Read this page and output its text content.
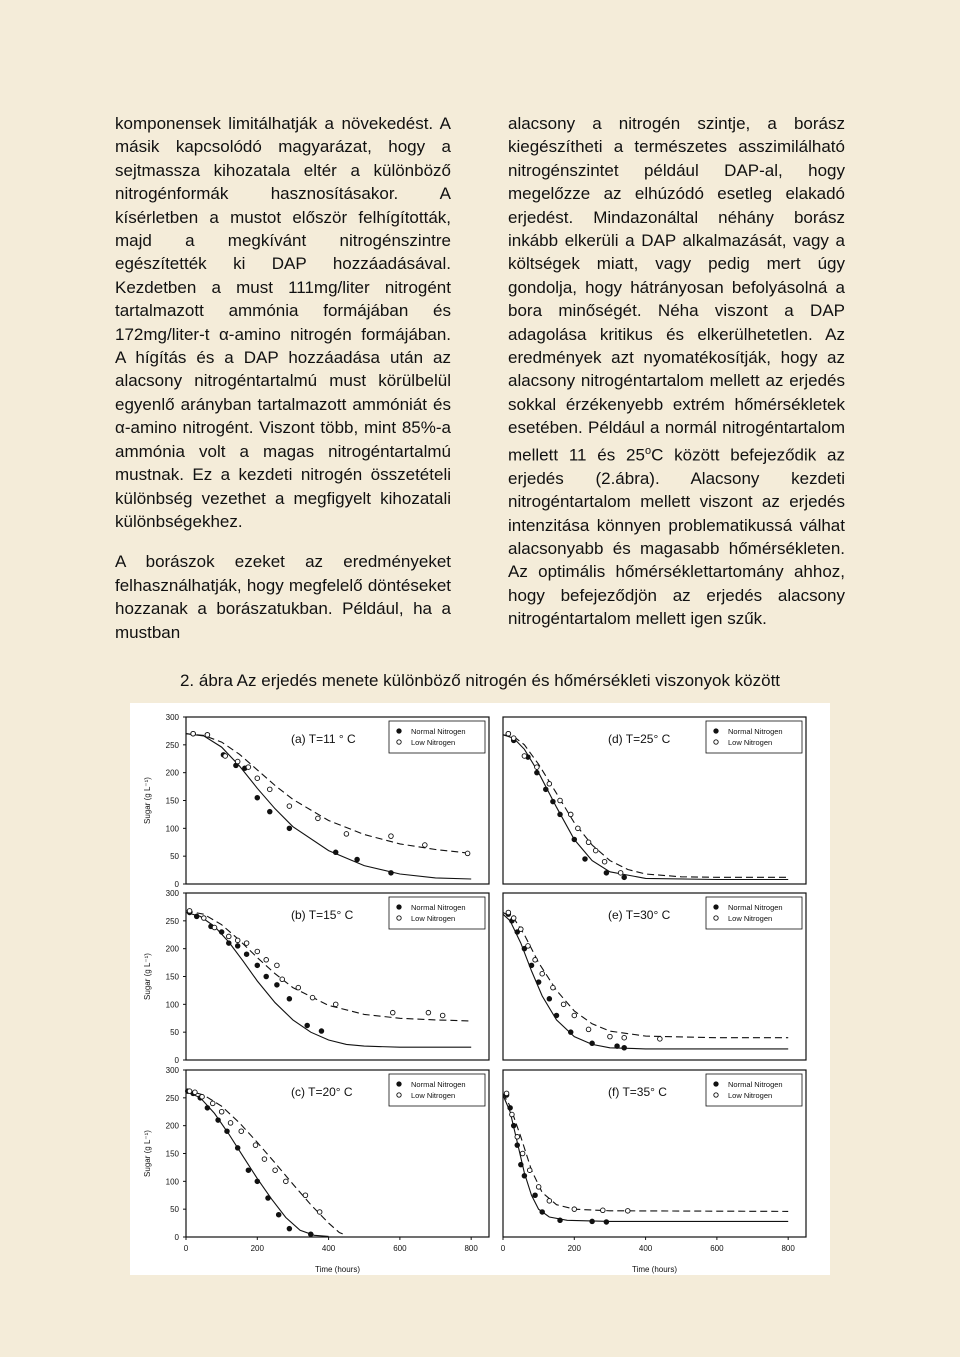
komponensek limitálhatják a növekedést. A másik kapcsolódó magyarázat, hogy a sejtmassza kihozatala eltér a különböző nitrogénformák hasznosításakor. A kísérletben a mustot először felhígították, majd a megkívánt nitrogénszintre egészítették ki DAP hozzáadásával. Kezdetben a must 111mg/liter nitrogént tartalmazott ammónia formájában és 172mg/liter-t α-amino nitrogén formájában. A hígítás és a DAP hozzáadása után az alacsony nitrogéntartalmú must körülbelül egyenlő arányban tartalmazott ammóniát és α-amino nitrogént. Viszont több, mint 85%-a ammónia volt a magas nitrogéntartalmú mustnak. Ez a kezdeti nitrogén összetételi különbség vezethet a megfigyelt kihozatali különbségekhez.

A borászok ezeket az eredményeket felhasználhatják, hogy megfelelő döntéseket hozzanak a borászatukban. Például, ha a mustban

alacsony a nitrogén szintje, a borász kiegészítheti a természetes asszimilálható nitrogénszintet például DAP-al, hogy megelőzze az elhúzódó esetleg elakadó erjedést. Mindazonáltal néhány borász inkább elkerüli a DAP alkalmazását, vagy a költségek miatt, vagy pedig mert úgy gondolja, hogy hátrányosan befolyásolná a bora minőségét. Néha viszont a DAP adagolása kritikus és elkerülhetetlen. Az eredmények azt nyomatékosítják, hogy az alacsony nitrogéntartalom mellett az erjedés sokkal érzékenyebb extrém hőmérsékletek esetében. Például a normál nitrogéntartalom mellett 11 és 25$^o$C között befejeződik az erjedés (2.ábra). Alacsony kezdeti nitrogéntartalom mellett viszont az erjedés intenzitása könnyen problematikussá válhat alacsonyabb és magasabb hőmérsékleten. Az optimális hőmérséklettartomány ahhoz, hogy befejeződjön az erjedés alacsony nitrogéntartalom mellett igen szűk.

2. ábra Az erjedés menete különböző nitrogén és hőmérsékleti viszonyok között
0
50
100
150
200
250
300
Sugar (g L⁻¹)
(a) T=11 ° C
Normal Nitrogen
Low Nitrogen	(d) T=25° C
Normal Nitrogen
Low Nitrogen
0
50
100
150
200
250
300
Sugar (g L⁻¹)
(b) T=15° C
Normal Nitrogen
Low Nitrogen	(e) T=30° C
Normal Nitrogen
Low Nitrogen
0
50
100
150
200
250
300
0	200	400	600	800
Sugar (g L⁻¹)
Time (hours)
(c) T=20° C
Normal Nitrogen
Low Nitrogen
0	200	400	600	800
Time (hours)
(f) T=35° C
Normal Nitrogen
Low Nitrogen
